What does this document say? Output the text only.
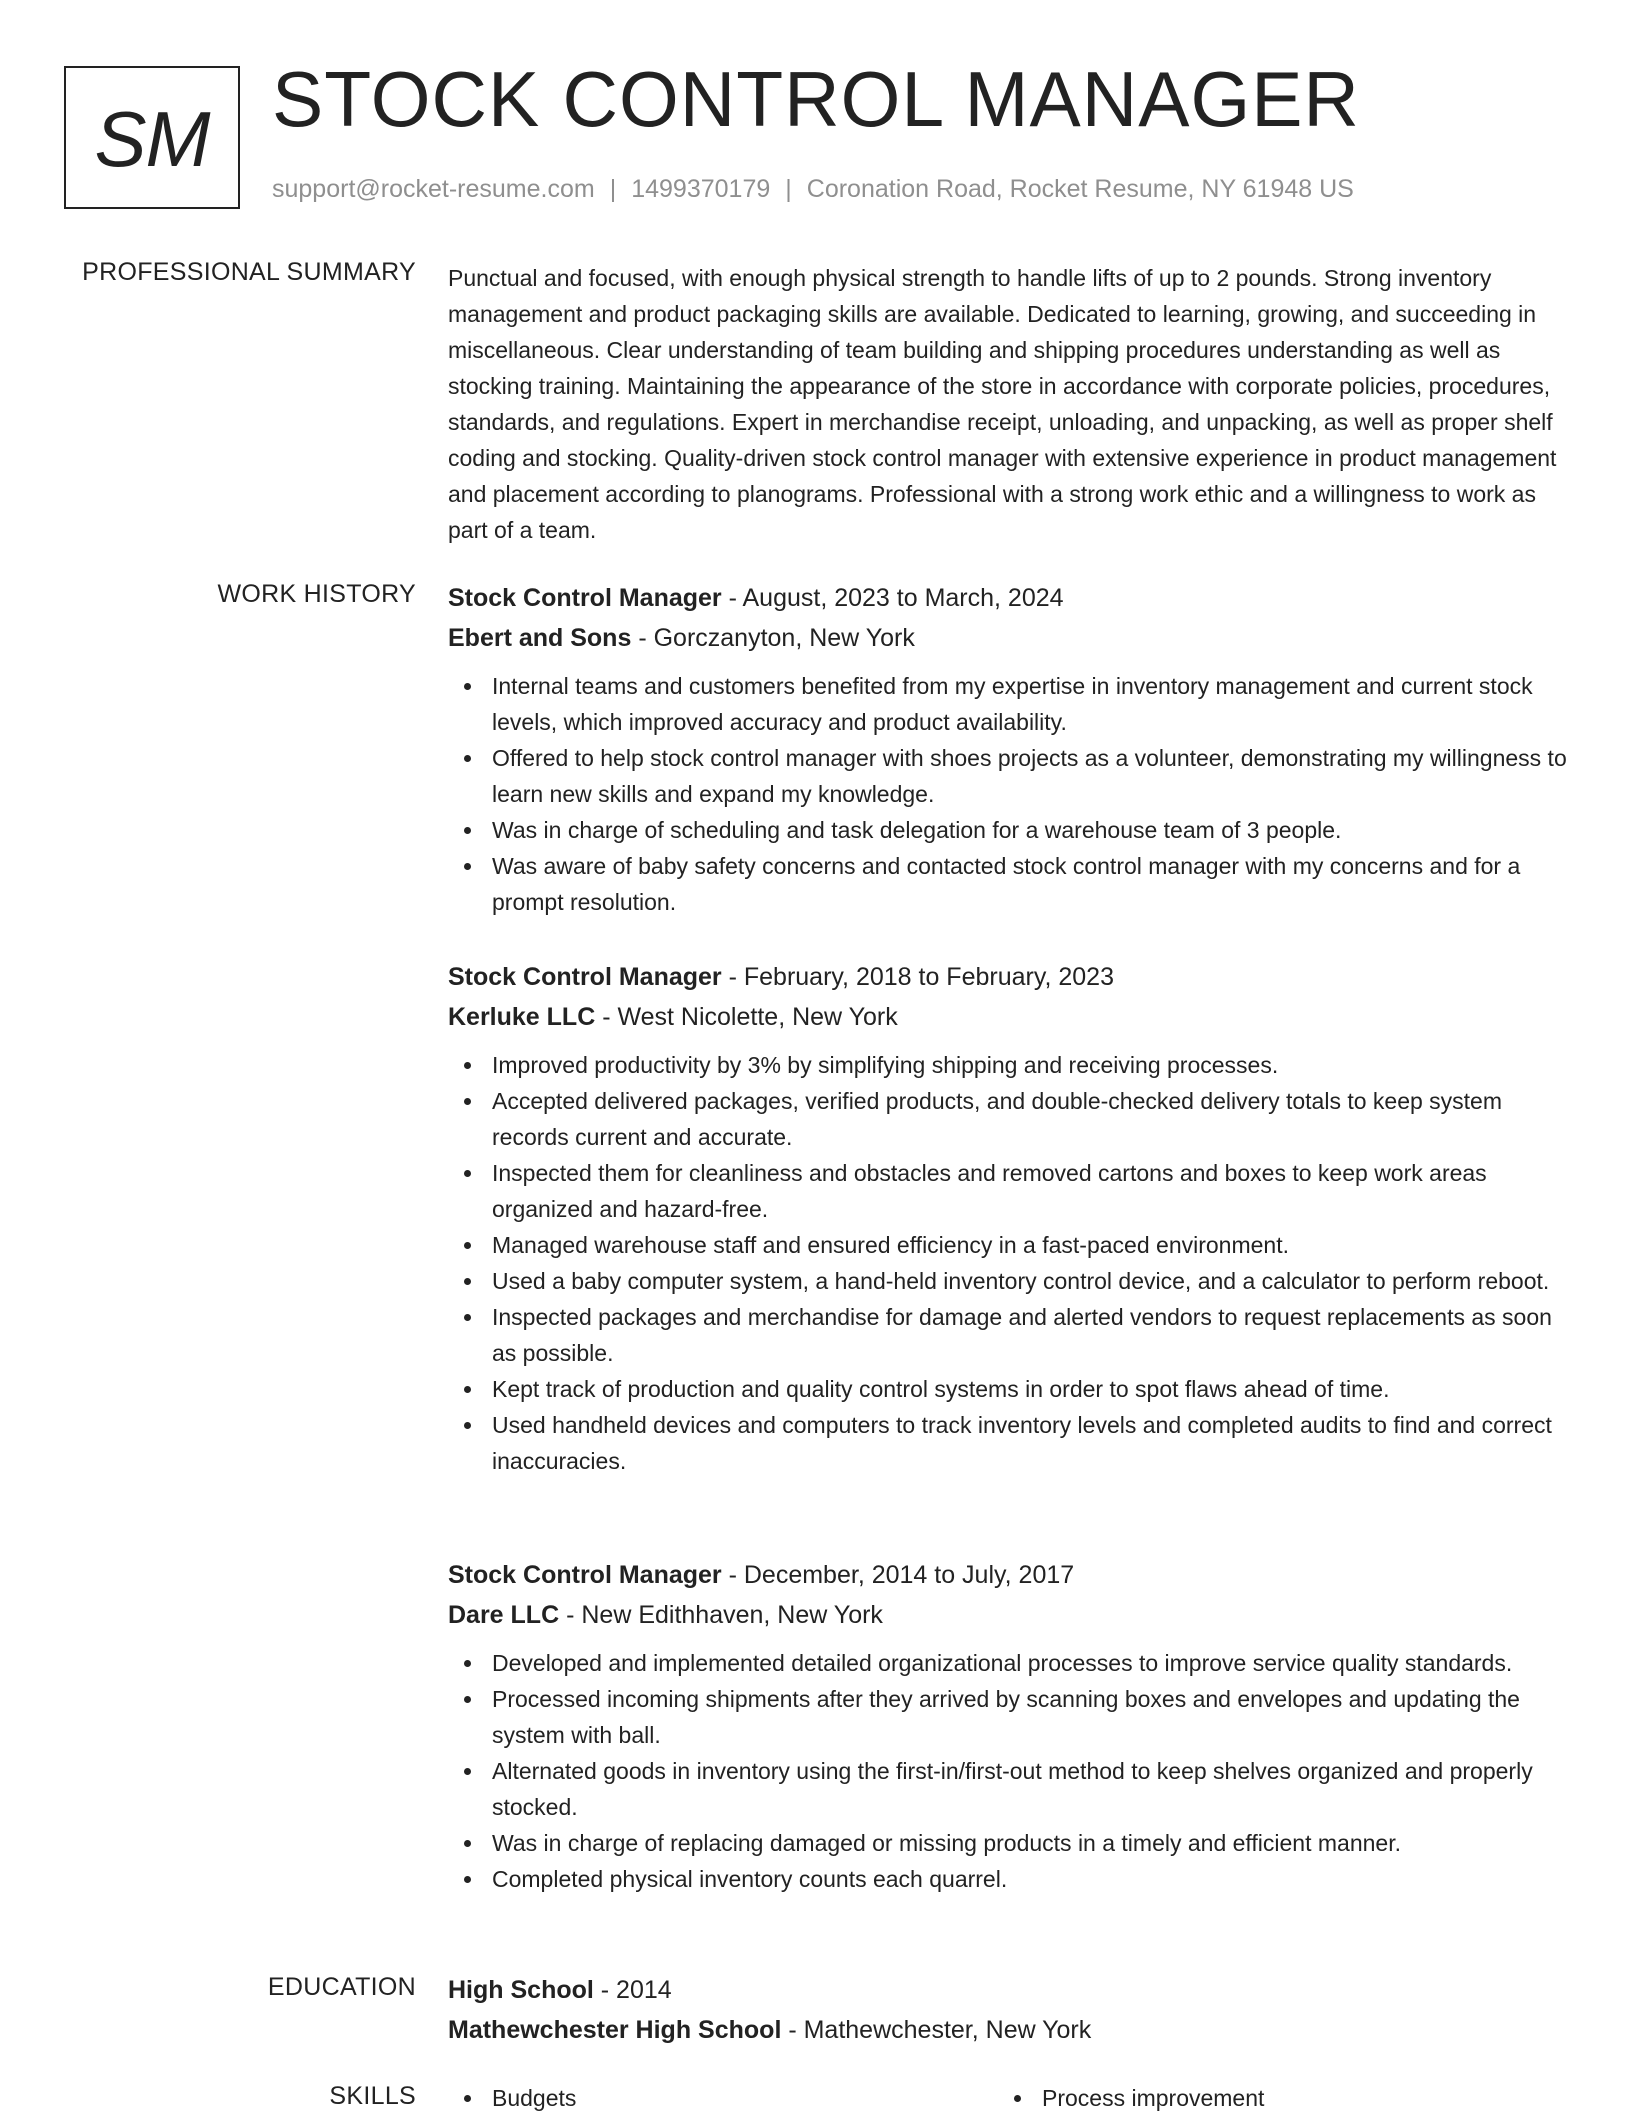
SM STOCK CONTROL MANAGER
support@rocket-resume.com | 1499370179 | Coronation Road, Rocket Resume, NY 61948 US
PROFESSIONAL SUMMARY Punctual and focused, with enough physical strength to handle lifts of up to 2 pounds. Strong inventory management and product packaging skills are available. Dedicated to learning, growing, and succeeding in miscellaneous. Clear understanding of team building and shipping procedures understanding as well as stocking training. Maintaining the appearance of the store in accordance with corporate policies, procedures, standards, and regulations. Expert in merchandise receipt, unloading, and unpacking, as well as proper shelf coding and stocking. Quality-driven stock control manager with extensive experience in product management and placement according to planograms. Professional with a strong work ethic and a willingness to work as part of a team.
WORK HISTORY Stock Control Manager - August, 2023 to March, 2024
Ebert and Sons - Gorczanyton, New York
Internal teams and customers benefited from my expertise in inventory management and current stock levels, which improved accuracy and product availability.
Offered to help stock control manager with shoes projects as a volunteer, demonstrating my willingness to learn new skills and expand my knowledge.
Was in charge of scheduling and task delegation for a warehouse team of 3 people.
Was aware of baby safety concerns and contacted stock control manager with my concerns and for a prompt resolution.
Stock Control Manager - February, 2018 to February, 2023
Kerluke LLC - West Nicolette, New York
Improved productivity by 3% by simplifying shipping and receiving processes.
Accepted delivered packages, verified products, and double-checked delivery totals to keep system records current and accurate.
Inspected them for cleanliness and obstacles and removed cartons and boxes to keep work areas organized and hazard-free.
Managed warehouse staff and ensured efficiency in a fast-paced environment.
Used a baby computer system, a hand-held inventory control device, and a calculator to perform reboot.
Inspected packages and merchandise for damage and alerted vendors to request replacements as soon as possible.
Kept track of production and quality control systems in order to spot flaws ahead of time.
Used handheld devices and computers to track inventory levels and completed audits to find and correct inaccuracies.
Stock Control Manager - December, 2014 to July, 2017
Dare LLC - New Edithhaven, New York
Developed and implemented detailed organizational processes to improve service quality standards.
Processed incoming shipments after they arrived by scanning boxes and envelopes and updating the system with ball.
Alternated goods in inventory using the first-in/first-out method to keep shelves organized and properly stocked.
Was in charge of replacing damaged or missing products in a timely and efficient manner.
Completed physical inventory counts each quarrel.
EDUCATION High School - 2014
Mathewchester High School - Mathewchester, New York
SKILLS	Budgets	Process improvement
